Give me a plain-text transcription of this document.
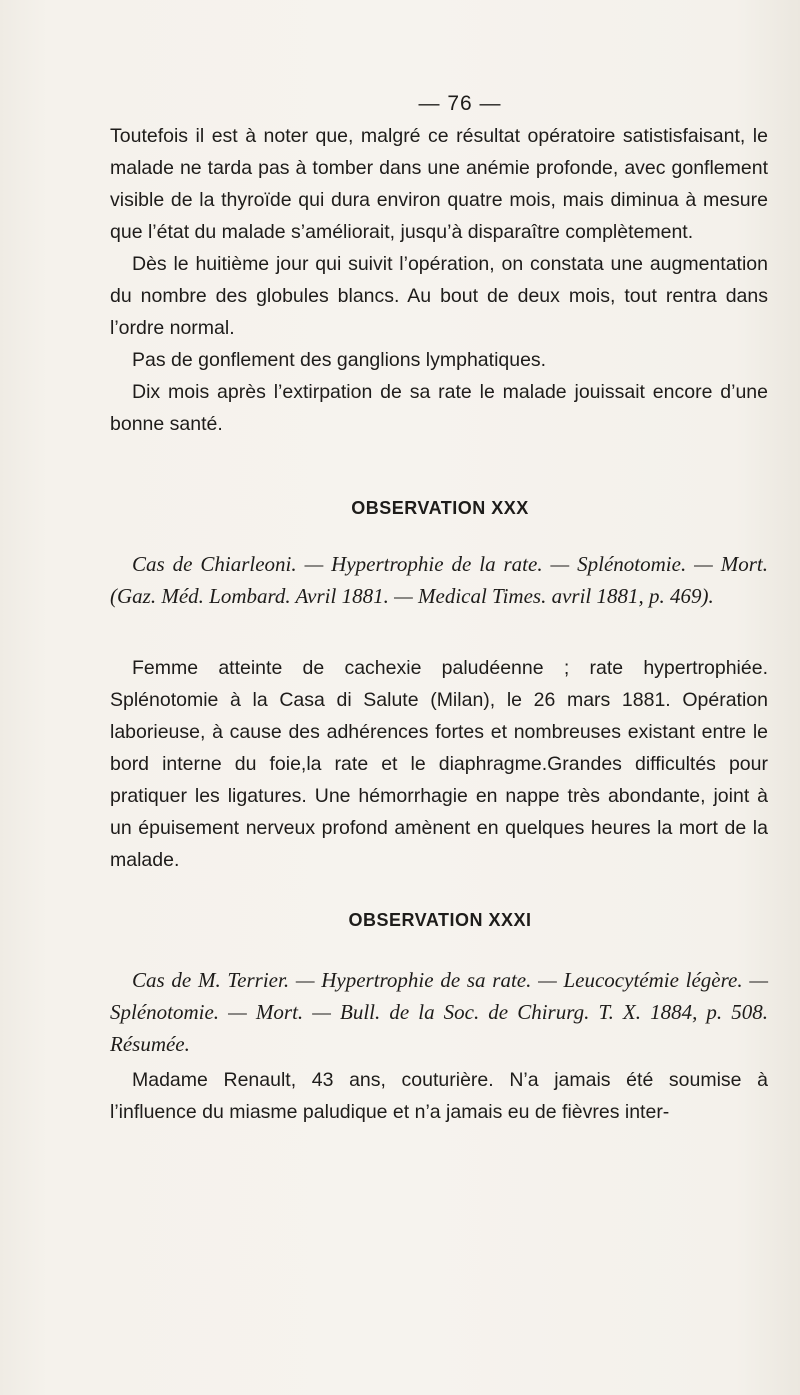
— 76 —

Toutefois il est à noter que, malgré ce résultat opératoire satistisfaisant, le malade ne tarda pas à tomber dans une anémie profonde, avec gonflement visible de la thyroïde qui dura environ quatre mois, mais diminua à mesure que l’état du malade s’améliorait, jusqu’à disparaître complètement.

Dès le huitième jour qui suivit l’opération, on constata une augmentation du nombre des globules blancs. Au bout de deux mois, tout rentra dans l’ordre normal.

Pas de gonflement des ganglions lymphatiques.

Dix mois après l’extirpation de sa rate le malade jouissait encore d’une bonne santé.

OBSERVATION XXX
Cas de Chiarleoni. — Hypertrophie de la rate. — Splénotomie. — Mort. (Gaz. Méd. Lombard. Avril 1881. — Medical Times. avril 1881, p. 469).

Femme atteinte de cachexie paludéenne ; rate hypertrophiée. Splénotomie à la Casa di Salute (Milan), le 26 mars 1881. Opération laborieuse, à cause des adhérences fortes et nombreuses existant entre le bord interne du foie,la rate et le diaphragme.Grandes difficultés pour pratiquer les ligatures. Une hémorrhagie en nappe très abondante, joint à un épuisement nerveux profond amènent en quelques heures la mort de la malade.

OBSERVATION XXXI
Cas de M. Terrier. — Hypertrophie de sa rate. — Leucocytémie légère. — Splénotomie. — Mort. — Bull. de la Soc. de Chirurg. T. X. 1884, p. 508. Résumée.

Madame Renault, 43 ans, couturière. N’a jamais été soumise à l’influence du miasme paludique et n’a jamais eu de fièvres inter-
